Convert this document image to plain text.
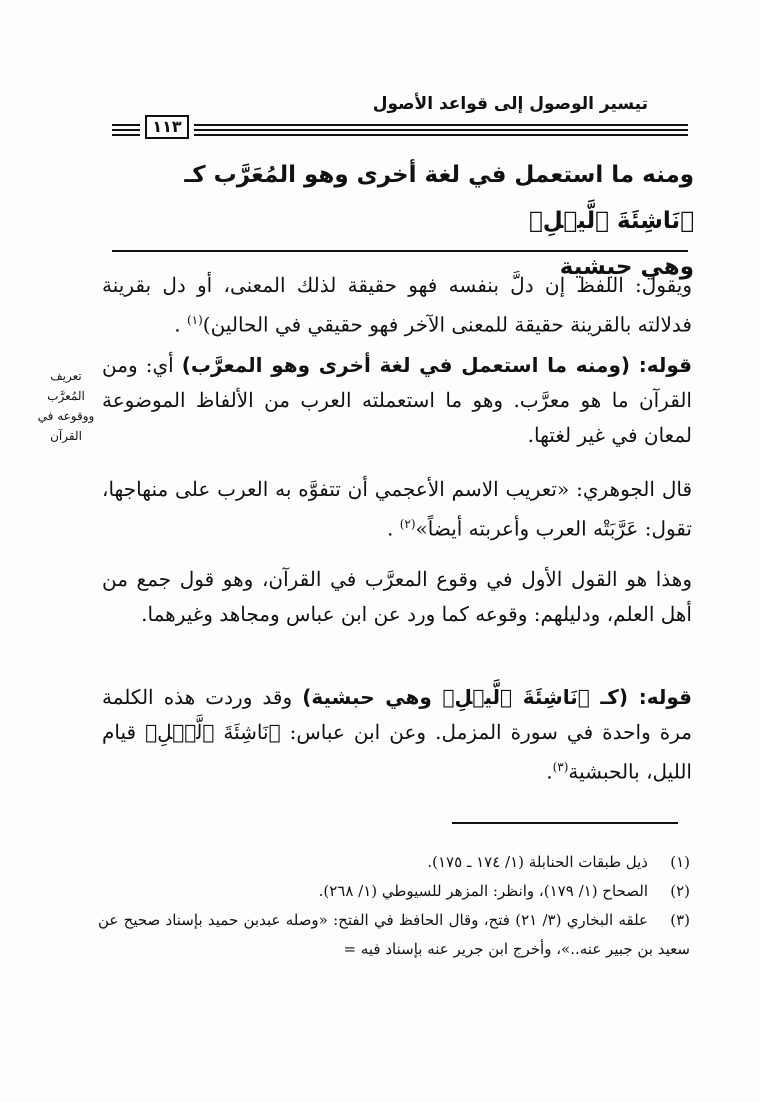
تيسير الوصول إلى قواعد الأصول
١١٣
ومنه ما استعمل في لغة أخرى وهو المُعَرَّب كـ ﴿نَاشِئَةَ ٱلَّيۡلِ﴾
وهي حبشية
ويقول: اللفظ إن دلَّ بنفسه فهو حقيقة لذلك المعنى، أو دل بقرينة فدلالته بالقرينة حقيقة للمعنى الآخر فهو حقيقي في الحالين)$^{(١)}$ .
قوله: (ومنه ما استعمل في لغة أخرى وهو المعرَّب) أي: ومن القرآن ما هو معرَّب. وهو ما استعملته العرب من الألفاظ الموضوعة لمعان في غير لغتها.
تعريف المُعرَّب ووقوعه في القرآن
قال الجوهري: «تعريب الاسم الأعجمي أن تتفوَّه به العرب على منهاجها، تقول: عَرَّبَتْه العرب وأعربته أيضاً»$^{(٢)}$ .
وهذا هو القول الأول في وقوع المعرَّب في القرآن، وهو قول جمع من أهل العلم، ودليلهم: وقوعه كما ورد عن ابن عباس ومجاهد وغيرهما.
قوله: (كـ ﴿نَاشِئَةَ ٱلَّيۡلِ﴾ وهي حبشية) وقد وردت هذه الكلمة مرة واحدة في سورة المزمل. وعن ابن عباس: ﴿نَاشِئَةَ ٱلَّيۡلِ﴾ قيام الليل، بالحبشية$^{(٣)}$.
(١)ذيل طبقات الحنابلة (١/ ١٧٤ ـ ١٧٥).
(٢)الصحاح (١/ ١٧٩)، وانظر: المزهر للسيوطي (١/ ٢٦٨).
(٣)علقه البخاري (٣/ ٢١) فتح، وقال الحافظ في الفتح: «وصله عبدبن حميد بإسناد صحيح عن سعيد بن جبير عنه..»، وأخرج ابن جرير عنه بإسناد فيه =
